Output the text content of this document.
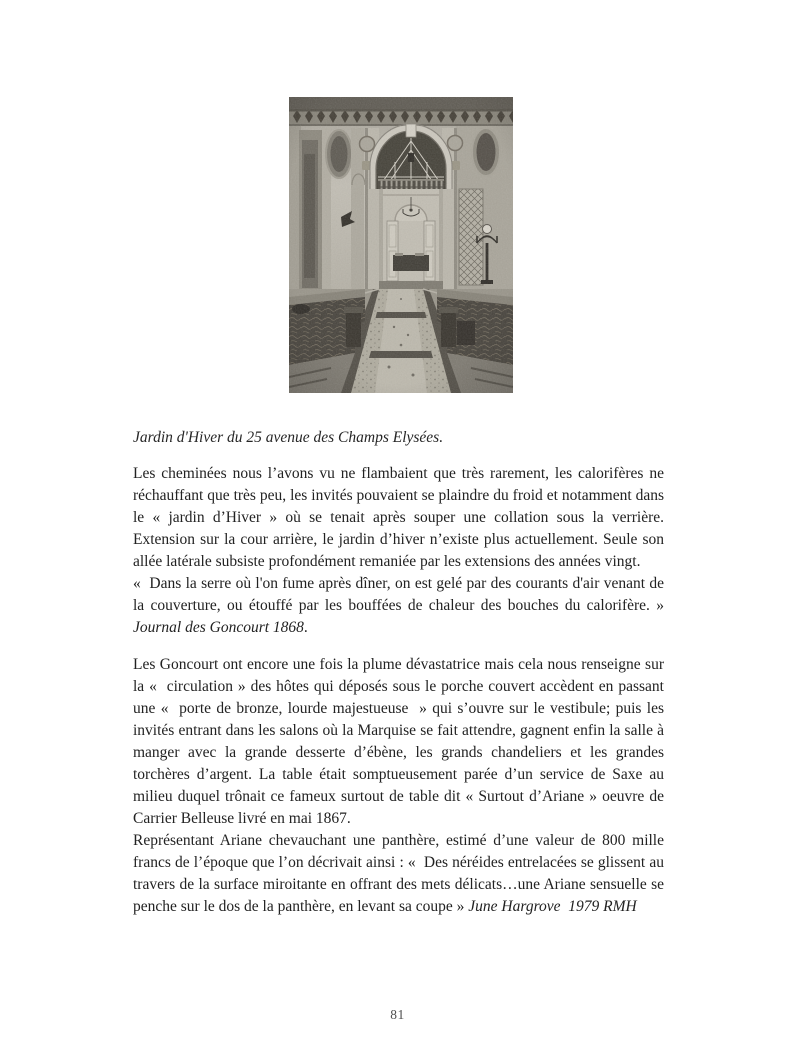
Jardin d'Hiver du 25 avenue des Champs Elysées.

Les cheminées nous l’avons vu ne flambaient que très rarement, les calorifères ne réchauffant que très peu, les invités pouvaient se plaindre du froid et notamment dans le « jardin d’Hiver » où se tenait après souper une collation sous la verrière. Extension sur la cour arrière, le jardin d’hiver n’existe plus actuellement. Seule son allée latérale subsiste profondément remaniée par les extensions des années vingt.

«  Dans la serre où l'on fume après dîner, on est gelé par des courants d'air venant de la couverture, ou étouffé par les bouffées de chaleur des bouches du calorifère. » Journal des Goncourt 1868.

Les Goncourt ont encore une fois la plume dévastatrice mais cela nous renseigne sur la «  circulation » des hôtes qui déposés sous le porche couvert accèdent en passant une «  porte de bronze, lourde majestueuse  » qui s’ouvre sur le vestibule; puis les invités entrant dans les salons où la Marquise se fait attendre, gagnent enfin la salle à manger avec la grande desserte d’ébène, les grands chandeliers et les grandes torchères d’argent. La table était somptueusement parée d’un service de Saxe au milieu duquel trônait ce fameux surtout de table dit « Surtout d’Ariane » oeuvre de Carrier Belleuse livré en mai 1867.

Représentant Ariane chevauchant une panthère, estimé d’une valeur de 800 mille francs de l’époque que l’on décrivait ainsi : «  Des néréides entrelacées se glissent au travers de la surface miroitante en offrant des mets délicats…une Ariane sensuelle se penche sur le dos de la panthère, en levant sa coupe » June Hargrove  1979 RMH

81
